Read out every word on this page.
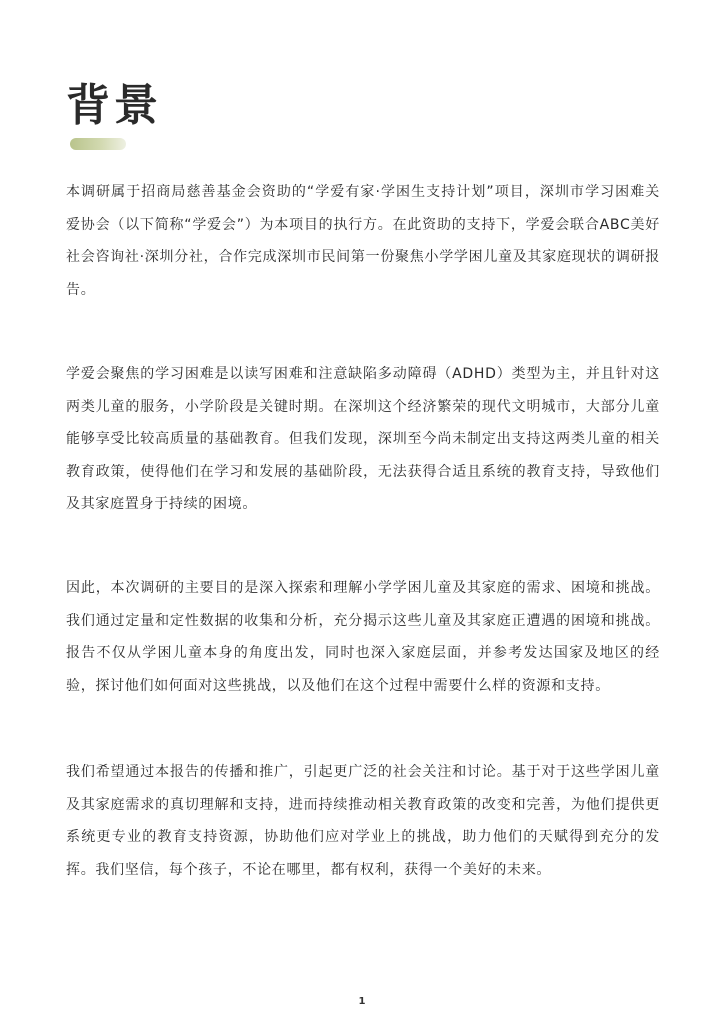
背景

本调研属于招商局慈善基金会资助的“学爱有家·学困生支持计划”项目，深圳市学习困难关爱协会（以下简称“学爱会”）为本项目的执行方。在此资助的支持下，学爱会联合ABC美好社会咨询社·深圳分社，合作完成深圳市民间第一份聚焦小学学困儿童及其家庭现状的调研报告。

学爱会聚焦的学习困难是以读写困难和注意缺陷多动障碍（ADHD）类型为主，并且针对这两类儿童的服务，小学阶段是关键时期。在深圳这个经济繁荣的现代文明城市，大部分儿童能够享受比较高质量的基础教育。但我们发现，深圳至今尚未制定出支持这两类儿童的相关教育政策，使得他们在学习和发展的基础阶段，无法获得合适且系统的教育支持，导致他们及其家庭置身于持续的困境。

因此，本次调研的主要目的是深入探索和理解小学学困儿童及其家庭的需求、困境和挑战。我们通过定量和定性数据的收集和分析，充分揭示这些儿童及其家庭正遭遇的困境和挑战。报告不仅从学困儿童本身的角度出发，同时也深入家庭层面，并参考发达国家及地区的经验，探讨他们如何面对这些挑战，以及他们在这个过程中需要什么样的资源和支持。

我们希望通过本报告的传播和推广，引起更广泛的社会关注和讨论。基于对于这些学困儿童及其家庭需求的真切理解和支持，进而持续推动相关教育政策的改变和完善，为他们提供更系统更专业的教育支持资源，协助他们应对学业上的挑战，助力他们的天赋得到充分的发挥。我们坚信，每个孩子，不论在哪里，都有权利，获得一个美好的未来。

1
